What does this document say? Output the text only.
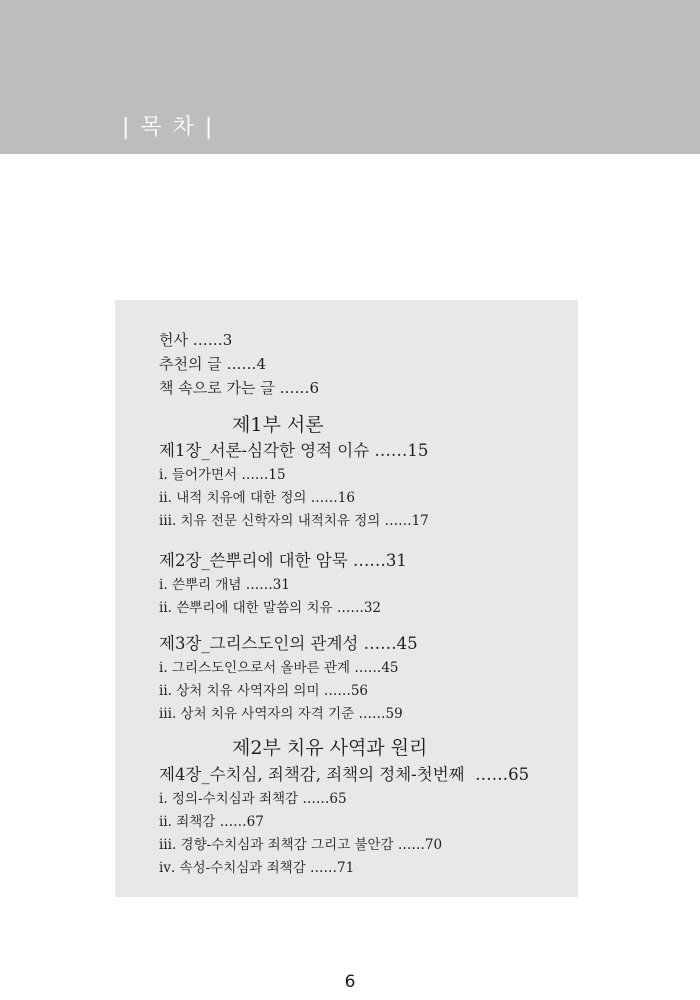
| 목 차 |
헌사 ……3
추천의 글 ……4
책 속으로 가는 글 ……6
제1부 서론
제1장_서론-심각한 영적 이슈 ……15
ⅰ. 들어가면서 ……15
ⅱ. 내적 치유에 대한 정의 ……16
ⅲ. 치유 전문 신학자의 내적치유 정의 ……17
제2장_쓴뿌리에 대한 암묵 ……31
ⅰ. 쓴뿌리 개념 ……31
ⅱ. 쓴뿌리에 대한 말씀의 치유 ……32
제3장_그리스도인의 관계성 ……45
ⅰ. 그리스도인으로서 올바른 관계 ……45
ⅱ. 상처 치유 사역자의 의미 ……56
ⅲ. 상처 치유 사역자의 자격 기준 ……59
제2부 치유 사역과 원리
제4장_수치심, 죄책감, 죄책의 정체-첫번째 ……65
ⅰ. 정의-수치심과 죄책감 ……65
ⅱ. 죄책감 ……67
ⅲ. 경향-수치심과 죄책감 그리고 불안감 ……70
ⅳ. 속성-수치심과 죄책감 ……71
6
